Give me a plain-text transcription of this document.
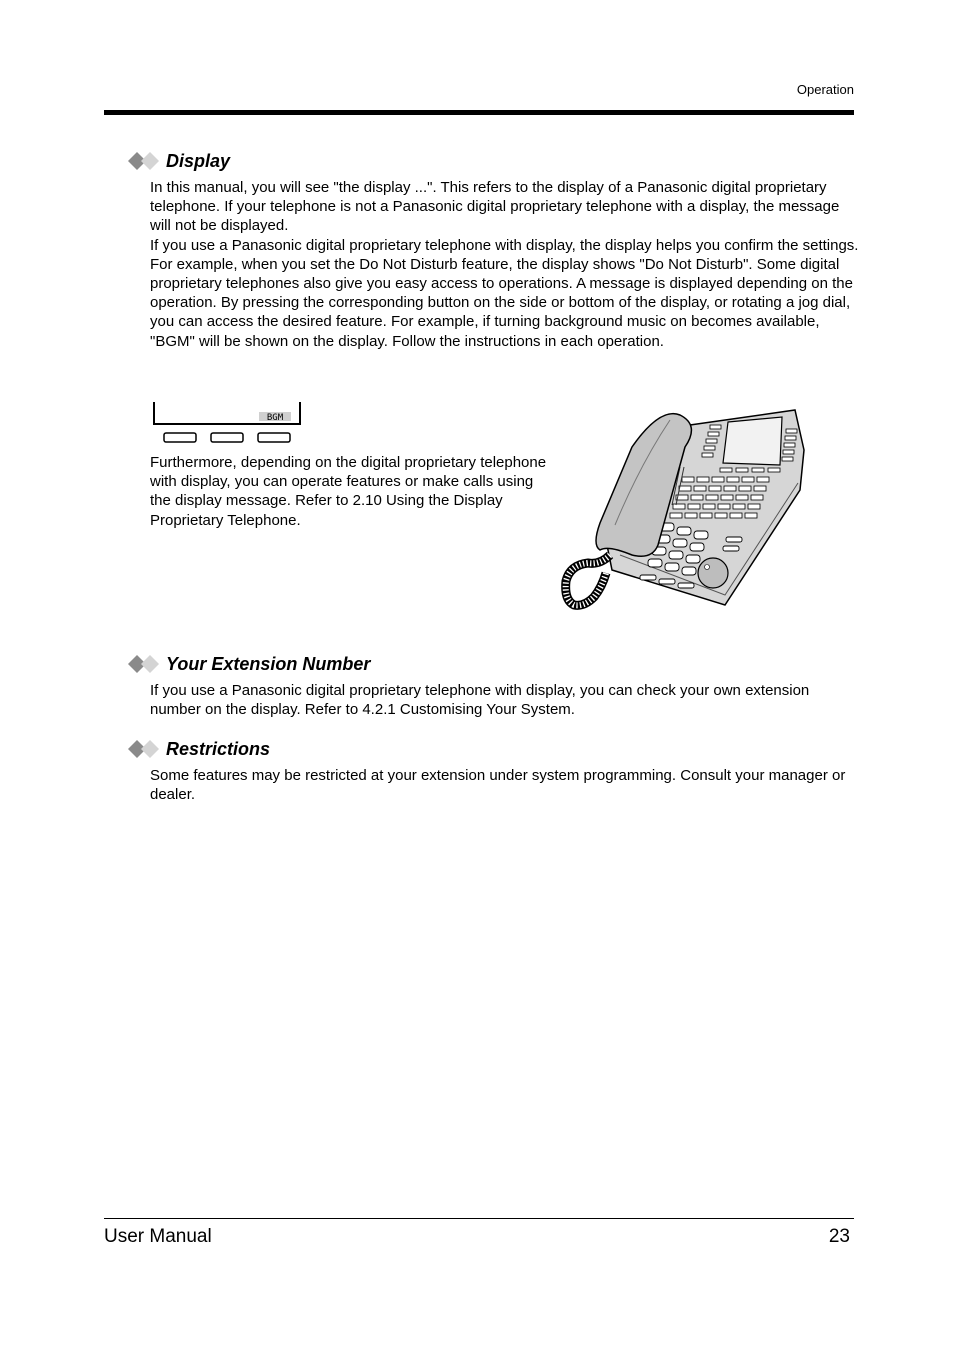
Operation
Display

In this manual, you will see "the display ...". This refers to the display of a Panasonic digital proprietary telephone. If your telephone is not a Panasonic digital proprietary telephone with a display, the message will not be displayed.

If you use a Panasonic digital proprietary telephone with display, the display helps you confirm the settings. For example, when you set the Do Not Disturb feature, the display shows "Do Not Disturb". Some digital proprietary telephones also give you easy access to operations. A message is displayed depending on the operation. By pressing the corresponding button on the side or bottom of the display, or rotating a jog dial, you can access the desired feature. For example, if turning background music on becomes available, "BGM" will be shown on the display. Follow the instructions in each operation.

BGM

Furthermore, depending on the digital proprietary telephone with display, you can operate features or make calls using the display message. Refer to 2.10 Using the Display Proprietary Telephone.

Your Extension Number

If you use a Panasonic digital proprietary telephone with display, you can check your own extension number on the display. Refer to 4.2.1 Customising Your System.

Restrictions

Some features may be restricted at your extension under system programming. Consult your manager or dealer.

User Manual	23
